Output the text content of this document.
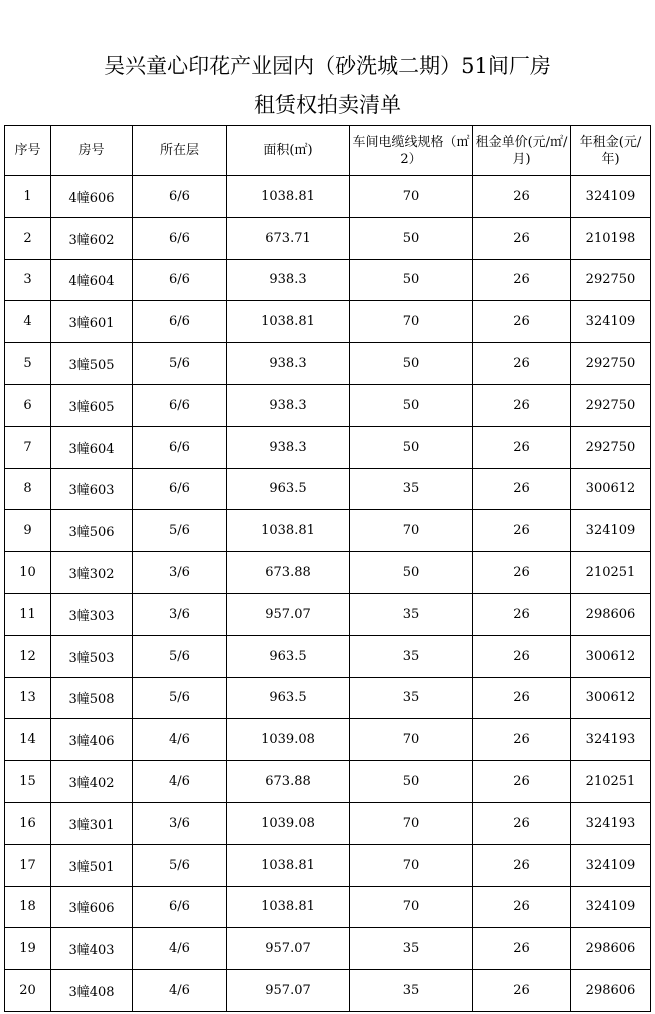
吴兴童心印花产业园内（砂洗城二期）51间厂房
租赁权拍卖清单
序号	房号	所在层	面积(㎡)	车间电缆线规格（㎡2）	租金单价(元/㎡/月)	年租金(元/年)
1	4幢606	6/6	1038.81	70	26	324109
2	3幢602	6/6	673.71	50	26	210198
3	4幢604	6/6	938.3	50	26	292750
4	3幢601	6/6	1038.81	70	26	324109
5	3幢505	5/6	938.3	50	26	292750
6	3幢605	6/6	938.3	50	26	292750
7	3幢604	6/6	938.3	50	26	292750
8	3幢603	6/6	963.5	35	26	300612
9	3幢506	5/6	1038.81	70	26	324109
10	3幢302	3/6	673.88	50	26	210251
11	3幢303	3/6	957.07	35	26	298606
12	3幢503	5/6	963.5	35	26	300612
13	3幢508	5/6	963.5	35	26	300612
14	3幢406	4/6	1039.08	70	26	324193
15	3幢402	4/6	673.88	50	26	210251
16	3幢301	3/6	1039.08	70	26	324193
17	3幢501	5/6	1038.81	70	26	324109
18	3幢606	6/6	1038.81	70	26	324109
19	3幢403	4/6	957.07	35	26	298606
20	3幢408	4/6	957.07	35	26	298606
